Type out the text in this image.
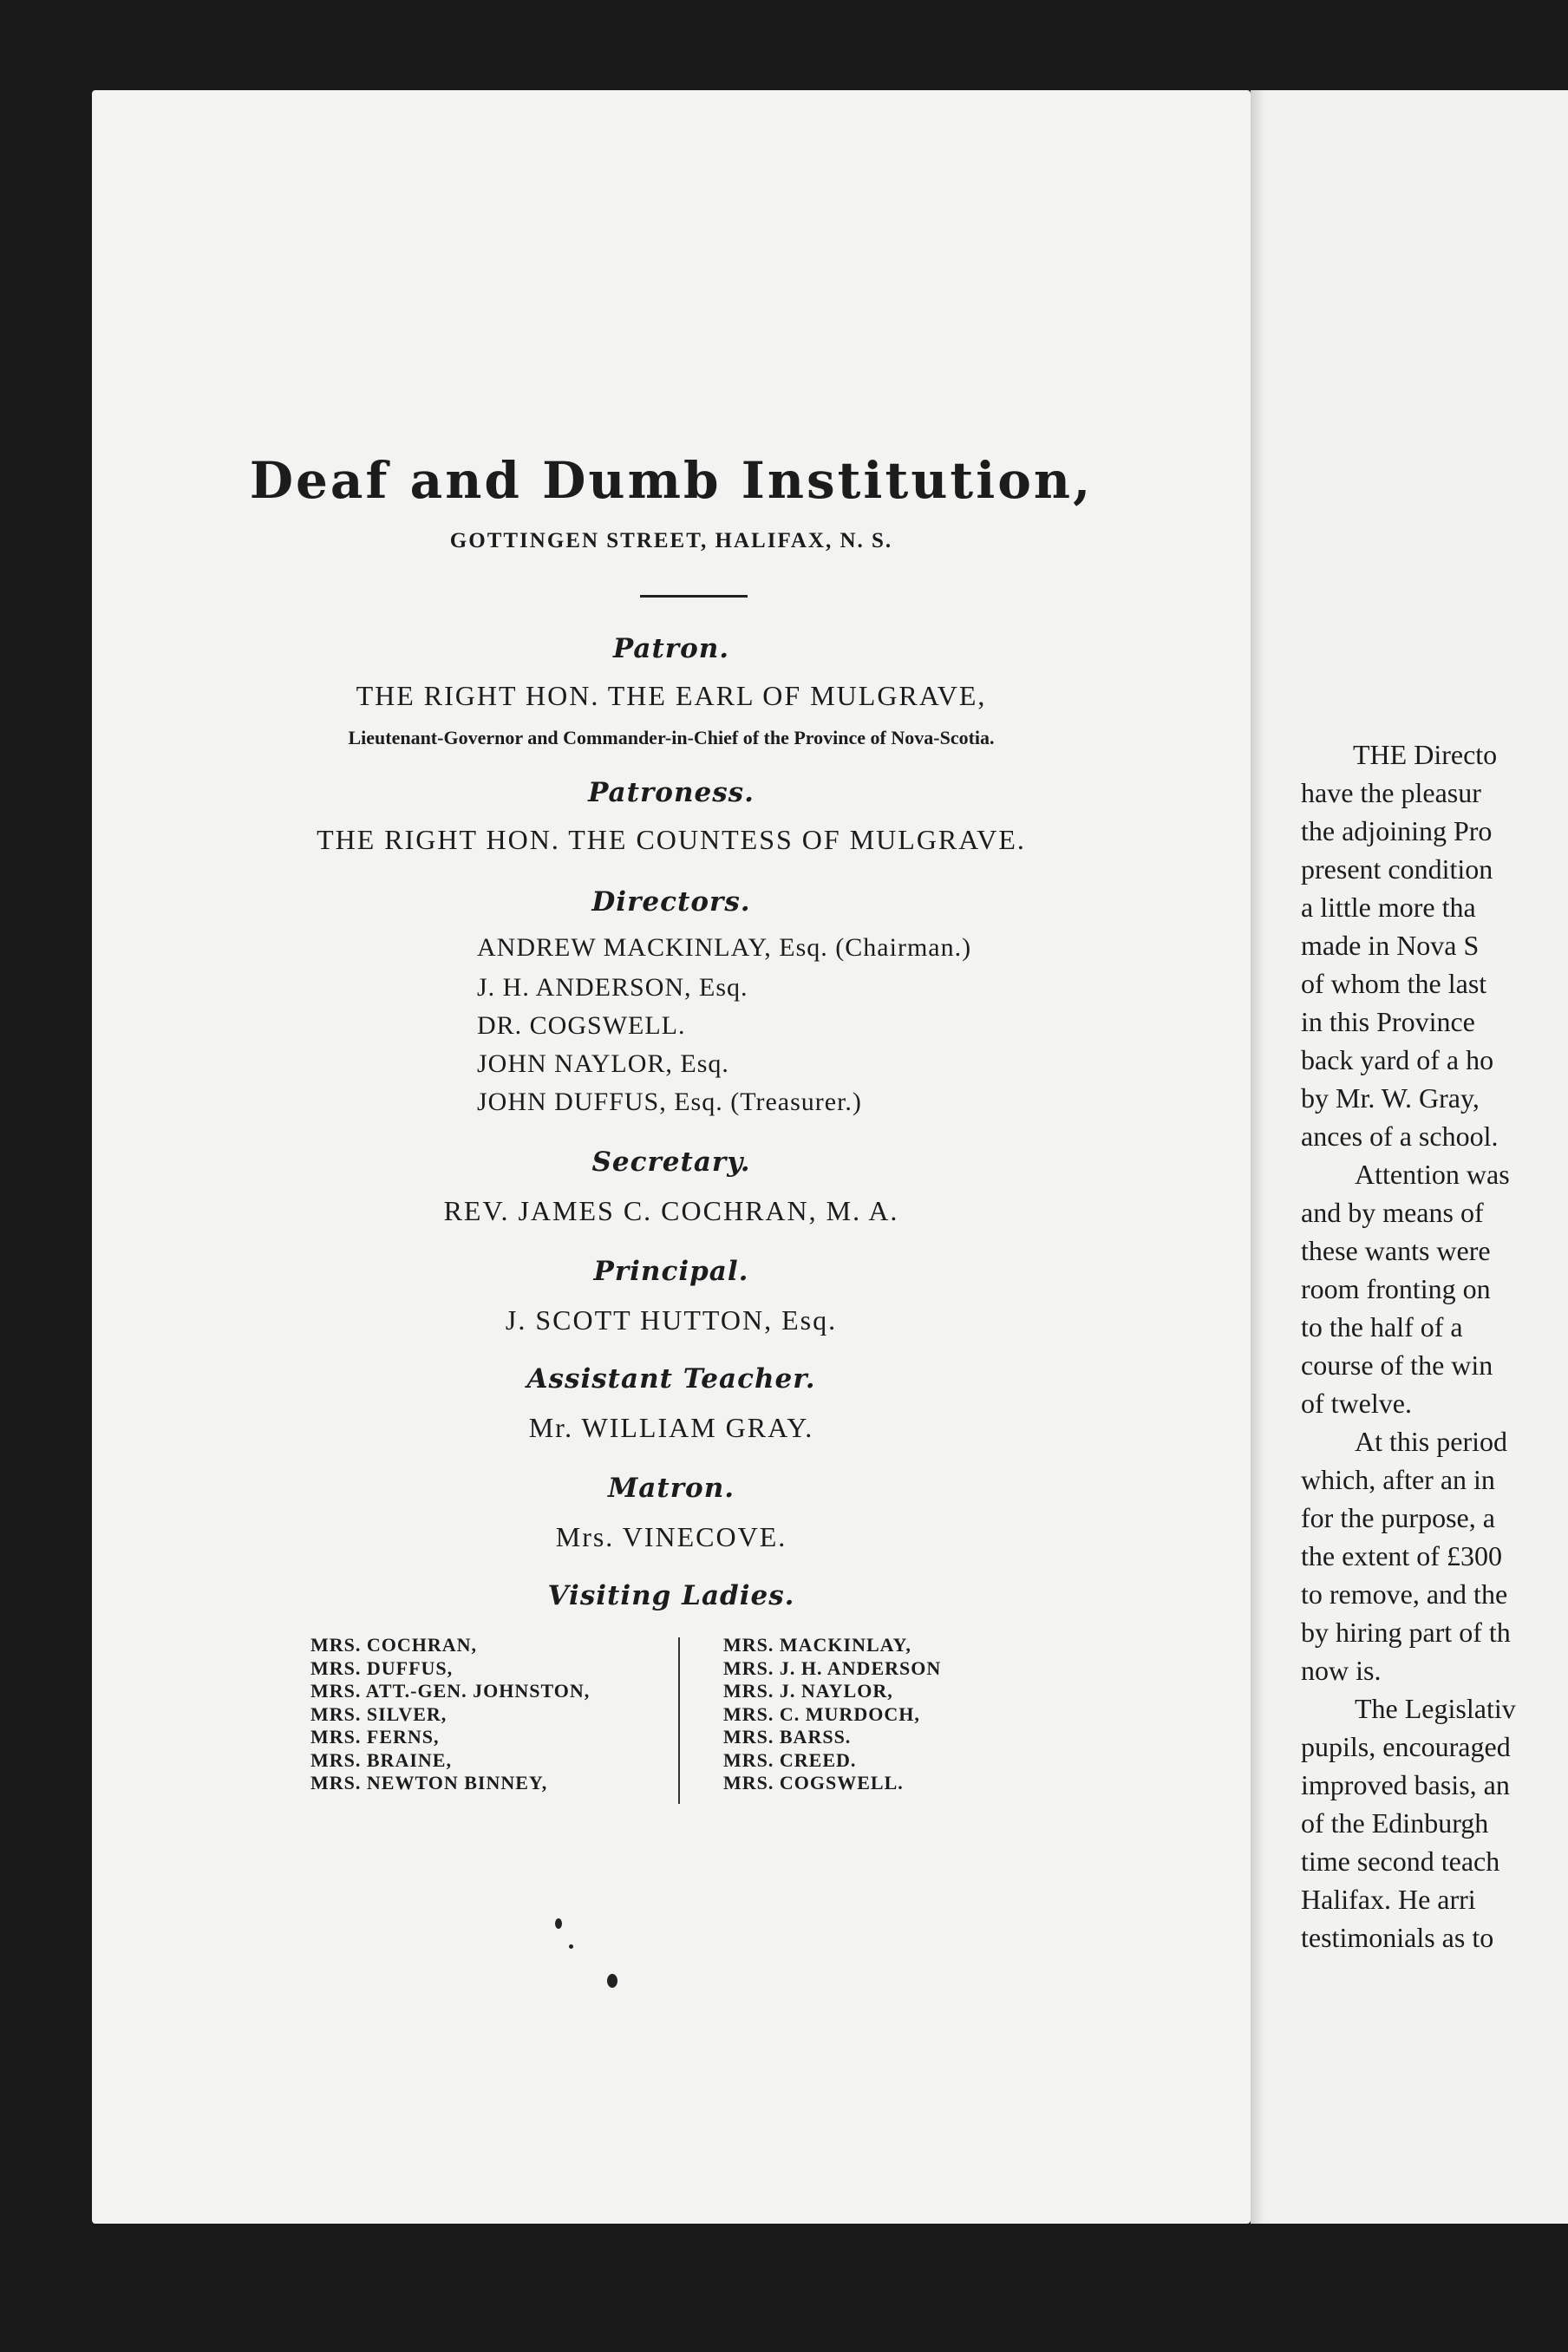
Deaf and Dumb Institution,
GOTTINGEN STREET, HALIFAX, N. S.
Patron.
THE RIGHT HON. THE EARL OF MULGRAVE,
Lieutenant-Governor and Commander-in-Chief of the Province of Nova-Scotia.
Patroness.
THE RIGHT HON. THE COUNTESS OF MULGRAVE.
Directors.
ANDREW MACKINLAY, Esq. (Chairman.)
J. H. ANDERSON, Esq.
DR. COGSWELL.
JOHN NAYLOR, Esq.
JOHN DUFFUS, Esq. (Treasurer.)
Secretary.
REV. JAMES C. COCHRAN, M. A.
Principal.
J. SCOTT HUTTON, Esq.
Assistant Teacher.
Mr. WILLIAM GRAY.
Matron.
Mrs. VINECOVE.
Visiting Ladies.
MRS. COCHRAN,
MRS. DUFFUS,
MRS. ATT.-GEN. JOHNSTON,
MRS. SILVER,
MRS. FERNS,
MRS. BRAINE,
MRS. NEWTON BINNEY,
MRS. MACKINLAY,
MRS. J. H. ANDERSON
MRS. J. NAYLOR,
MRS. C. MURDOCH,
MRS. BARSS.
MRS. CREED.
MRS. COGSWELL.
THE Directo
have the pleasur
the adjoining Pro
present condition
a little more tha
made in Nova S
of whom the last
in this Province
back yard of a ho
by Mr. W. Gray,
ances of a school.
Attention was
and by means of
these wants were
room fronting on
to the half of a
course of the win
of twelve.
At this period
which, after an in
for the purpose, a
the extent of £300
to remove, and the
by hiring part of th
now is.
The Legislativ
pupils, encouraged
improved basis, an
of the Edinburgh
time second teach
Halifax. He arri
testimonials as to
